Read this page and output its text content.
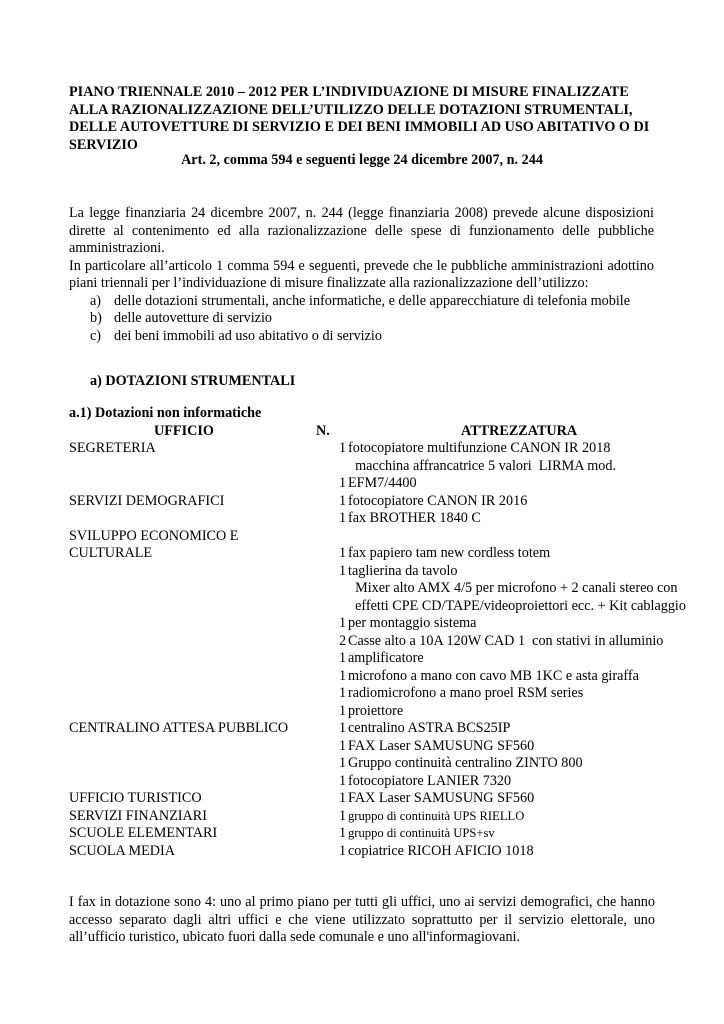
PIANO TRIENNALE 2010 – 2012 PER L’INDIVIDUAZIONE DI MISURE FINALIZZATE ALLA RAZIONALIZZAZIONE DELL’UTILIZZO DELLE DOTAZIONI STRUMENTALI, DELLE AUTOVETTURE DI SERVIZIO E DEI BENI IMMOBILI AD USO ABITATIVO O DI SERVIZIO
Art. 2, comma 594 e seguenti legge 24 dicembre 2007, n. 244

La legge finanziaria 24 dicembre 2007, n. 244 (legge finanziaria 2008) prevede alcune disposizioni dirette al contenimento ed alla razionalizzazione delle spese di funzionamento delle pubbliche amministrazioni.

In particolare all’articolo 1 comma 594 e seguenti, prevede che le pubbliche amministrazioni adottino piani triennali per l’individuazione di misure finalizzate alla razionalizzazione dell’utilizzo:

a) delle dotazioni strumentali, anche informatiche, e delle apparecchiature di telefonia mobile
b) delle autovetture di servizio
c) dei beni immobili ad uso abitativo o di servizio
a) DOTAZIONI STRUMENTALI
a.1) Dotazioni non informatiche
UFFICIO	N.	ATTREZZATURA
SEGRETERIA	1 fotocopiatore multifunzione CANON IR 2018
macchina affrancatrice 5 valori  LIRMA mod.
1 EFM7/4400
SERVIZI DEMOGRAFICI	1 fotocopiatore CANON IR 2016
1 fax BROTHER 1840 C
SVILUPPO ECONOMICO E
CULTURALE	1 fax papiero tam new cordless totem
1 taglierina da tavolo
Mixer alto AMX 4/5 per microfono + 2 canali stereo con
effetti CPE CD/TAPE/videoproiettori ecc. + Kit cablaggio
1 per montaggio sistema
2 Casse alto a 10A 120W CAD 1  con stativi in alluminio
1 amplificatore
1 microfono a mano con cavo MB 1KC e asta giraffa
1 radiomicrofono a mano proel RSM series
1 proiettore
CENTRALINO ATTESA PUBBLICO	1 centralino ASTRA BCS25IP
1 FAX Laser SAMUSUNG SF560
1 Gruppo continuità centralino ZINTO 800
1 fotocopiatore LANIER 7320
UFFICIO TURISTICO	1 FAX Laser SAMUSUNG SF560
SERVIZI FINANZIARI	1 gruppo di continuità UPS RIELLO
SCUOLE ELEMENTARI	1 gruppo di continuità UPS+sv
SCUOLA MEDIA	1 copiatrice RICOH AFICIO 1018
I fax in dotazione sono 4: uno al primo piano per tutti gli uffici, uno ai servizi demografici, che hanno accesso separato dagli altri uffici e che viene utilizzato soprattutto per il servizio elettorale, uno all’ufficio turistico, ubicato fuori dalla sede comunale e uno all'informagiovani.
